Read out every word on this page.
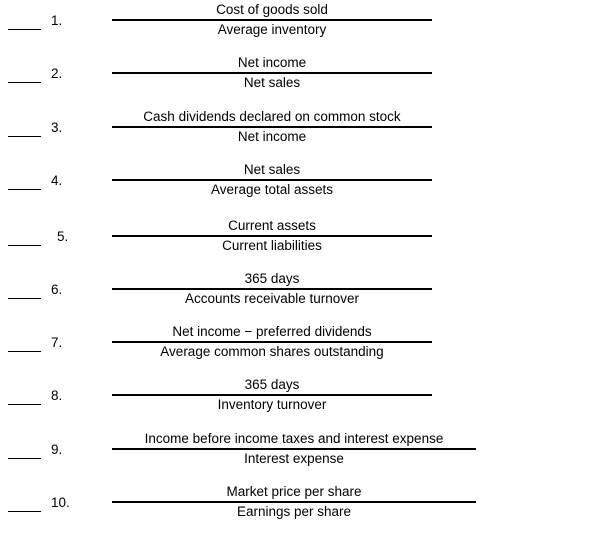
1.
Cost of goods sold
Average inventory
2.
Net income
Net sales
3.
Cash dividends declared on common stock
Net income
4.
Net sales
Average total assets
5.
Current assets
Current liabilities
6.
365 days
Accounts receivable turnover
7.
Net income − preferred dividends
Average common shares outstanding
8.
365 days
Inventory turnover
9.
Income before income taxes and interest expense
Interest expense
10.
Market price per share
Earnings per share
